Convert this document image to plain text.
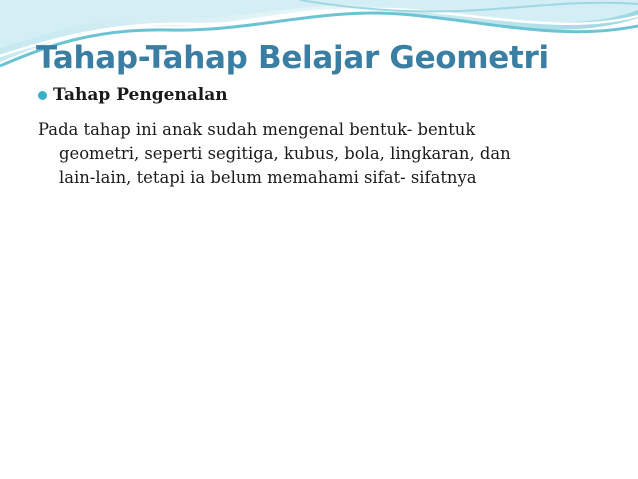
Tahap-Tahap Belajar Geometri
Tahap Pengenalan

Pada tahap ini anak sudah mengenal bentuk- bentuk
geometri, seperti segitiga, kubus, bola, lingkaran, dan
lain-lain, tetapi ia belum memahami sifat- sifatnya
